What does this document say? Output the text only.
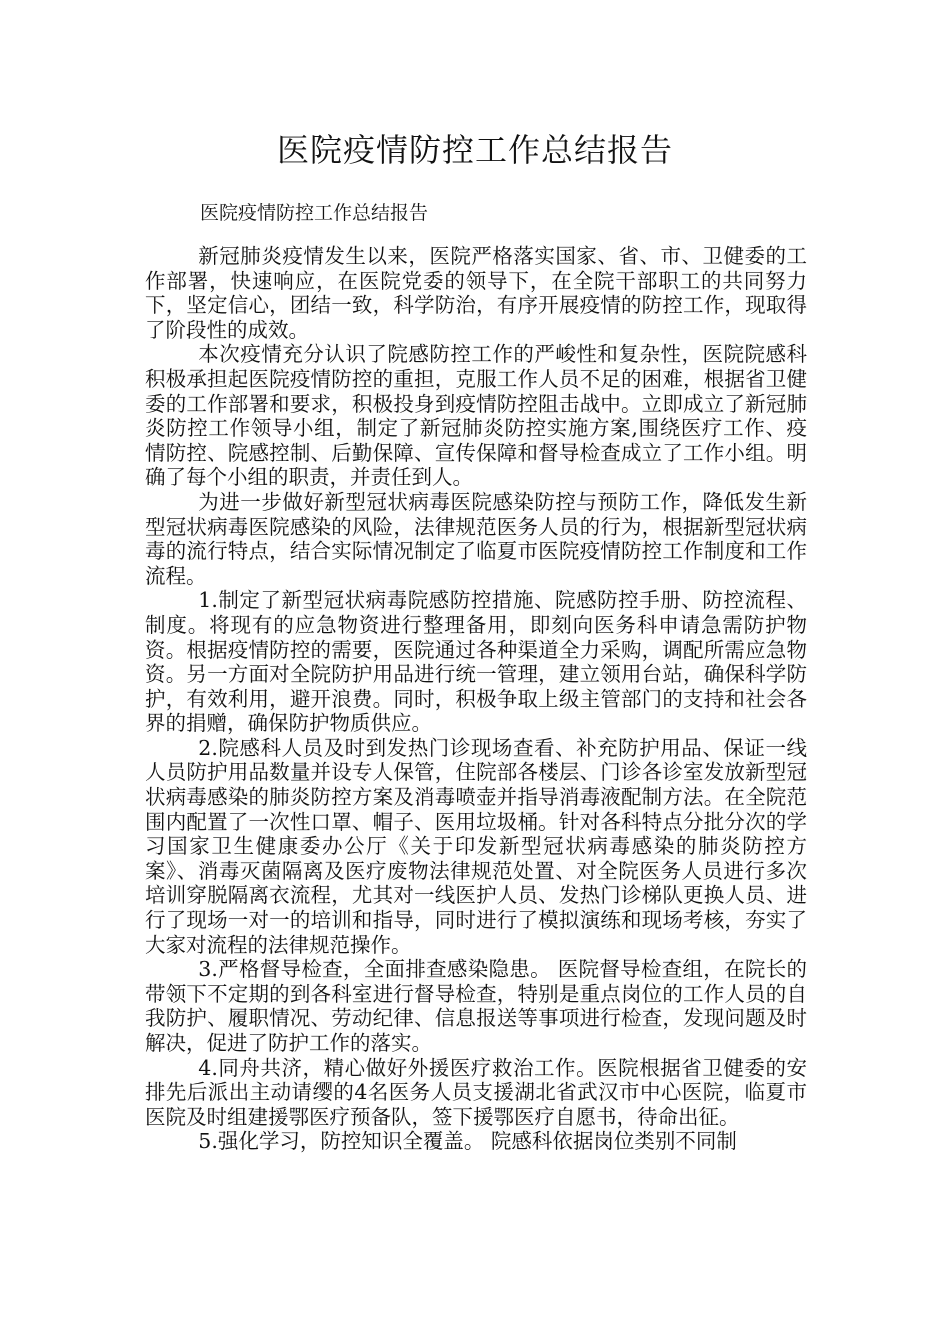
医院疫情防控工作总结报告

医院疫情防控工作总结报告

新冠肺炎疫情发生以来，医院严格落实国家、省、市、卫健委的工作部署，快速响应，在医院党委的领导下，在全院干部职工的共同努力下，坚定信心，团结一致，科学防治，有序开展疫情的防控工作，现取得了阶段性的成效。

本次疫情充分认识了院感防控工作的严峻性和复杂性，医院院感科积极承担起医院疫情防控的重担，克服工作人员不足的困难，根据省卫健委的工作部署和要求，积极投身到疫情防控阻击战中。立即成立了新冠肺炎防控工作领导小组，制定了新冠肺炎防控实施方案,围绕医疗工作、疫情防控、院感控制、后勤保障、宣传保障和督导检查成立了工作小组。明确了每个小组的职责，并责任到人。

为进一步做好新型冠状病毒医院感染防控与预防工作，降低发生新型冠状病毒医院感染的风险，法律规范医务人员的行为，根据新型冠状病毒的流行特点，结合实际情况制定了临夏市医院疫情防控工作制度和工作流程。

1.制定了新型冠状病毒院感防控措施、院感防控手册、防控流程、制度。将现有的应急物资进行整理备用，即刻向医务科申请急需防护物资。根据疫情防控的需要，医院通过各种渠道全力采购，调配所需应急物资。另一方面对全院防护用品进行统一管理，建立领用台站，确保科学防护，有效利用，避开浪费。同时，积极争取上级主管部门的支持和社会各界的捐赠，确保防护物质供应。

2.院感科人员及时到发热门诊现场查看、补充防护用品、保证一线人员防护用品数量并设专人保管，住院部各楼层、门诊各诊室发放新型冠状病毒感染的肺炎防控方案及消毒喷壶并指导消毒液配制方法。在全院范围内配置了一次性口罩、帽子、医用垃圾桶。针对各科特点分批分次的学习国家卫生健康委办公厅《关于印发新型冠状病毒感染的肺炎防控方案》、消毒灭菌隔离及医疗废物法律规范处置、对全院医务人员进行多次培训穿脱隔离衣流程，尤其对一线医护人员、发热门诊梯队更换人员、进行了现场一对一的培训和指导，同时进行了模拟演练和现场考核，夯实了大家对流程的法律规范操作。

3.严格督导检查，全面排查感染隐患。 医院督导检查组，在院长的带领下不定期的到各科室进行督导检查，特别是重点岗位的工作人员的自我防护、履职情况、劳动纪律、信息报送等事项进行检查，发现问题及时解决，促进了防护工作的落实。

4.同舟共济，精心做好外援医疗救治工作。医院根据省卫健委的安排先后派出主动请缨的4名医务人员支援湖北省武汉市中心医院，临夏市医院及时组建援鄂医疗预备队，签下援鄂医疗自愿书，待命出征。

5.强化学习，防控知识全覆盖。 院感科依据岗位类别不同制
